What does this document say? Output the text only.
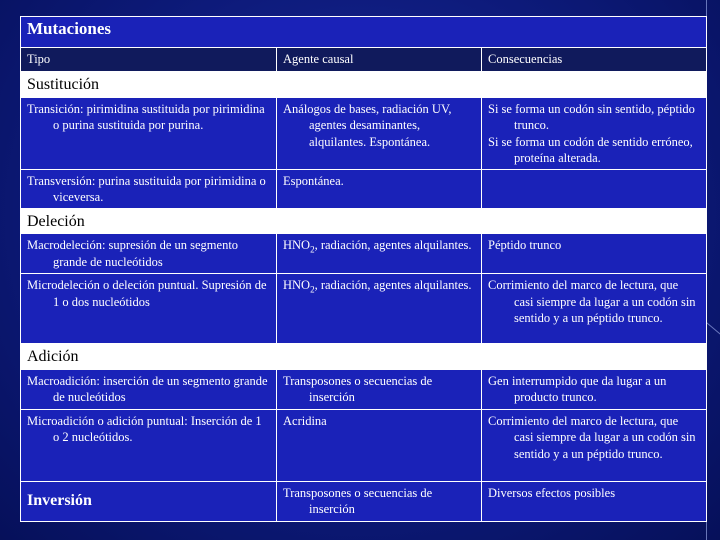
Mutaciones		
Tipo	Agente causal	Consecuencias
Sustitución		
Transición: pirimidina sustituida por pirimidina o purina sustituida por purina.	Análogos de bases, radiación UV, agentes desaminantes, alquilantes. Espontánea.	Si se forma un codón sin sentido, péptido trunco.
Si se forma un codón de sentido erróneo, proteína alterada.

Transversión: purina sustituida por pirimidina o viceversa.	Espontánea.	
Deleción		
Macrodeleción: supresión de un segmento grande de nucleótidos	$HNO_2$, radiación, agentes alquilantes.	Péptido trunco
Microdeleción o deleción puntual. Supresión de 1 o dos nucleótidos	$HNO_2$, radiación, agentes alquilantes.	Corrimiento del marco de lectura, que casi siempre da lugar a un codón sin sentido y a un péptido trunco.
Adición		
Macroadición: inserción de un segmento grande de nucleótidos	Transposones o secuencias de inserción	Gen interrumpido que da lugar a un producto trunco.
Microadición o adición puntual: Inserción de 1 o 2 nucleótidos.	Acridina	Corrimiento del marco de lectura, que casi siempre da lugar a un codón sin sentido y a un péptido trunco.
Inversión	Transposones o secuencias de inserción	Diversos efectos posibles
